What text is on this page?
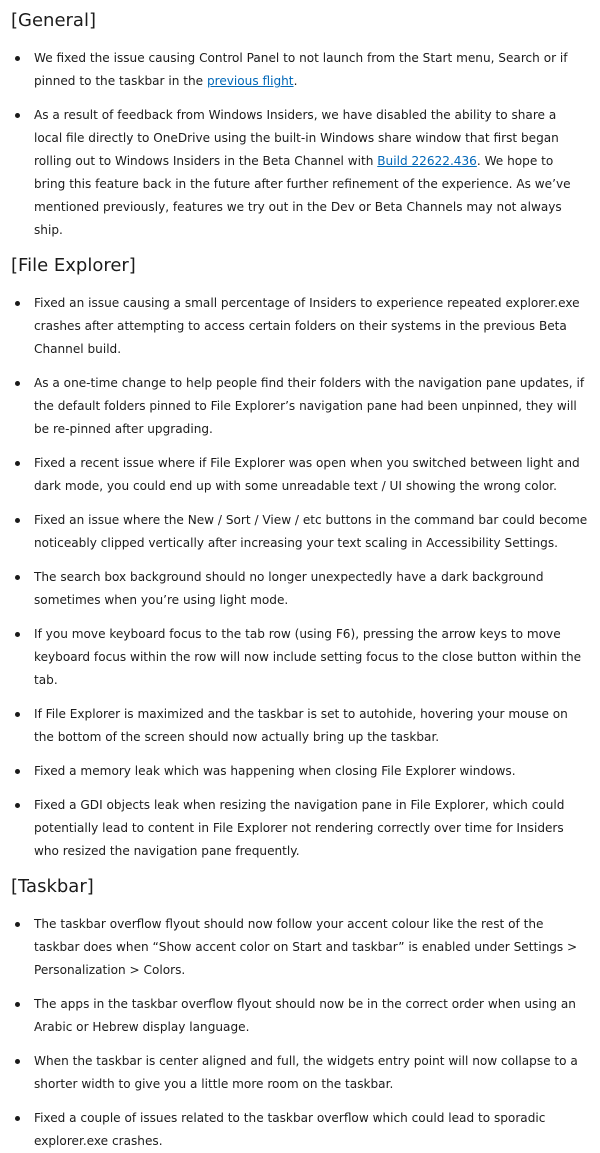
[General]
We fixed the issue causing Control Panel to not launch from the Start menu, Search or if pinned to the taskbar in the previous flight.
As a result of feedback from Windows Insiders, we have disabled the ability to share a local file directly to OneDrive using the built-in Windows share window that first began rolling out to Windows Insiders in the Beta Channel with Build 22622.436. We hope to bring this feature back in the future after further refinement of the experience. As we’ve mentioned previously, features we try out in the Dev or Beta Channels may not always ship.
[File Explorer]
Fixed an issue causing a small percentage of Insiders to experience repeated explorer.exe crashes after attempting to access certain folders on their systems in the previous Beta Channel build.
As a one-time change to help people find their folders with the navigation pane updates, if the default folders pinned to File Explorer’s navigation pane had been unpinned, they will be re-pinned after upgrading.
Fixed a recent issue where if File Explorer was open when you switched between light and dark mode, you could end up with some unreadable text / UI showing the wrong color.
Fixed an issue where the New / Sort / View / etc buttons in the command bar could become noticeably clipped vertically after increasing your text scaling in Accessibility Settings.
The search box background should no longer unexpectedly have a dark background sometimes when you’re using light mode.
If you move keyboard focus to the tab row (using F6), pressing the arrow keys to move keyboard focus within the row will now include setting focus to the close button within the tab.
If File Explorer is maximized and the taskbar is set to autohide, hovering your mouse on the bottom of the screen should now actually bring up the taskbar.
Fixed a memory leak which was happening when closing File Explorer windows.
Fixed a GDI objects leak when resizing the navigation pane in File Explorer, which could potentially lead to content in File Explorer not rendering correctly over time for Insiders who resized the navigation pane frequently.
[Taskbar]
The taskbar overflow flyout should now follow your accent colour like the rest of the taskbar does when “Show accent color on Start and taskbar” is enabled under Settings > Personalization > Colors.
The apps in the taskbar overflow flyout should now be in the correct order when using an Arabic or Hebrew display language.
When the taskbar is center aligned and full, the widgets entry point will now collapse to a shorter width to give you a little more room on the taskbar.
Fixed a couple of issues related to the taskbar overflow which could lead to sporadic explorer.exe crashes.
